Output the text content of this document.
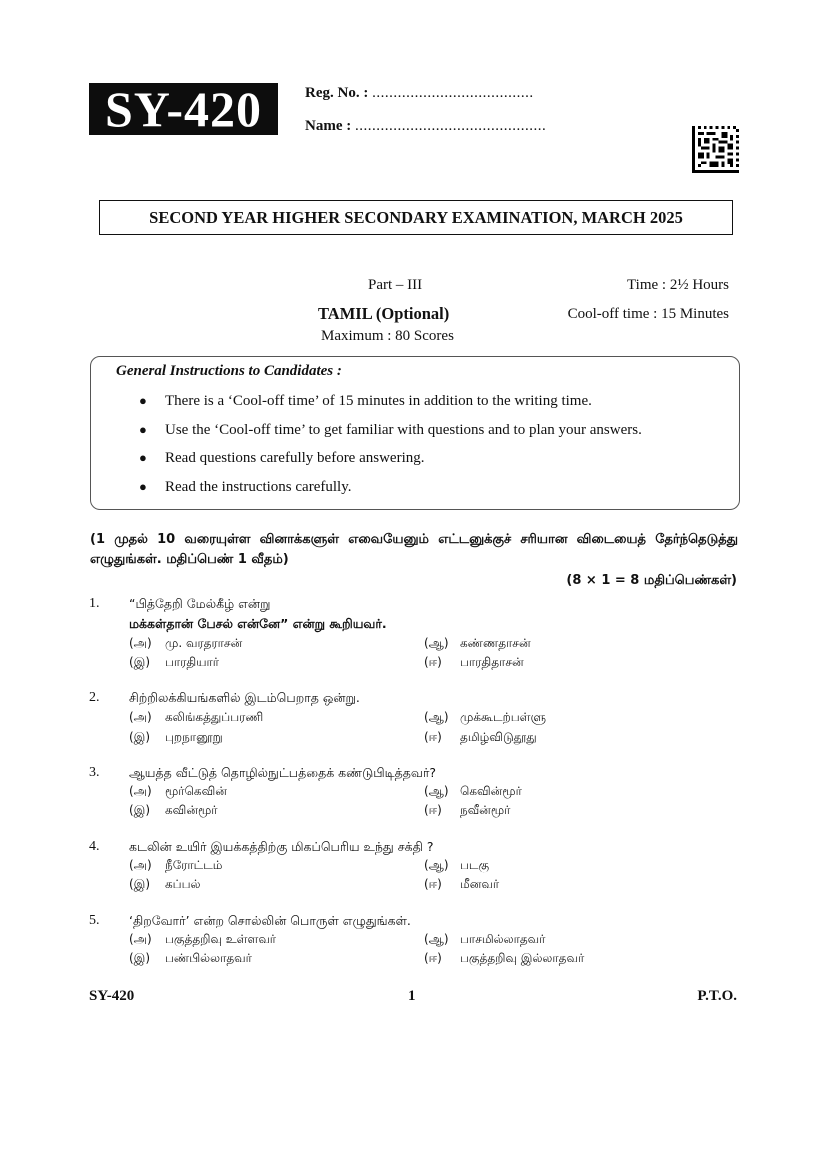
SY-420	Reg. No. : ......................................
Name : .............................................
SECOND YEAR HIGHER SECONDARY EXAMINATION, MARCH 2025
Part – III	Time : 2½ Hours
TAMIL (Optional)	Cool-off time : 15 Minutes
Maximum : 80 Scores
General Instructions to Candidates :
● There is a ‘Cool-off time’ of 15 minutes in addition to the writing time.
● Use the ‘Cool-off time’ to get familiar with questions and to plan your answers.
● Read questions carefully before answering.
● Read the instructions carefully.
(1 முதல் 10 வரையுள்ள வினாக்களுள் எவையேனும் எட்டனுக்குச் சரியான விடையைத் தேர்ந்தெடுத்து எழுதுங்கள். மதிப்பெண் 1 வீதம்)
(8 × 1 = 8 மதிப்பெண்கள்)
1. “பித்தேறி மேல்கீழ் என்று
மக்கள்தான் பேசல் என்னே” என்று கூறியவர்.
(அ) மு. வரதராசன்	(ஆ) கண்ணதாசன்
(இ) பாரதியார்	(ஈ) பாரதிதாசன்
2. சிற்றிலக்கியங்களில் இடம்பெறாத ஒன்று.
(அ) கலிங்கத்துப்பரணி	(ஆ) முக்கூடற்பள்ளு
(இ) புறநானூறு	(ஈ) தமிழ்விடுதூது
3. ஆயத்த வீட்டுத் தொழில்நுட்பத்தைக் கண்டுபிடித்தவர்?
(அ) மூர்கெவின்	(ஆ) கெவின்மூர்
(இ) கவின்மூர்	(ஈ) நவீன்மூர்
4. கடலின் உயிர் இயக்கத்திற்கு மிகப்பெரிய உந்து சக்தி ?
(அ) நீரோட்டம்	(ஆ) படகு
(இ) கப்பல்	(ஈ) மீனவர்
5. ‘திறவோர்’ என்ற சொல்லின் பொருள் எழுதுங்கள்.
(அ) பகுத்தறிவு உள்ளவர்	(ஆ) பாசமில்லாதவர்
(இ) பண்பில்லாதவர்	(ஈ) பகுத்தறிவு இல்லாதவர்
SY-420	1	P.T.O.
